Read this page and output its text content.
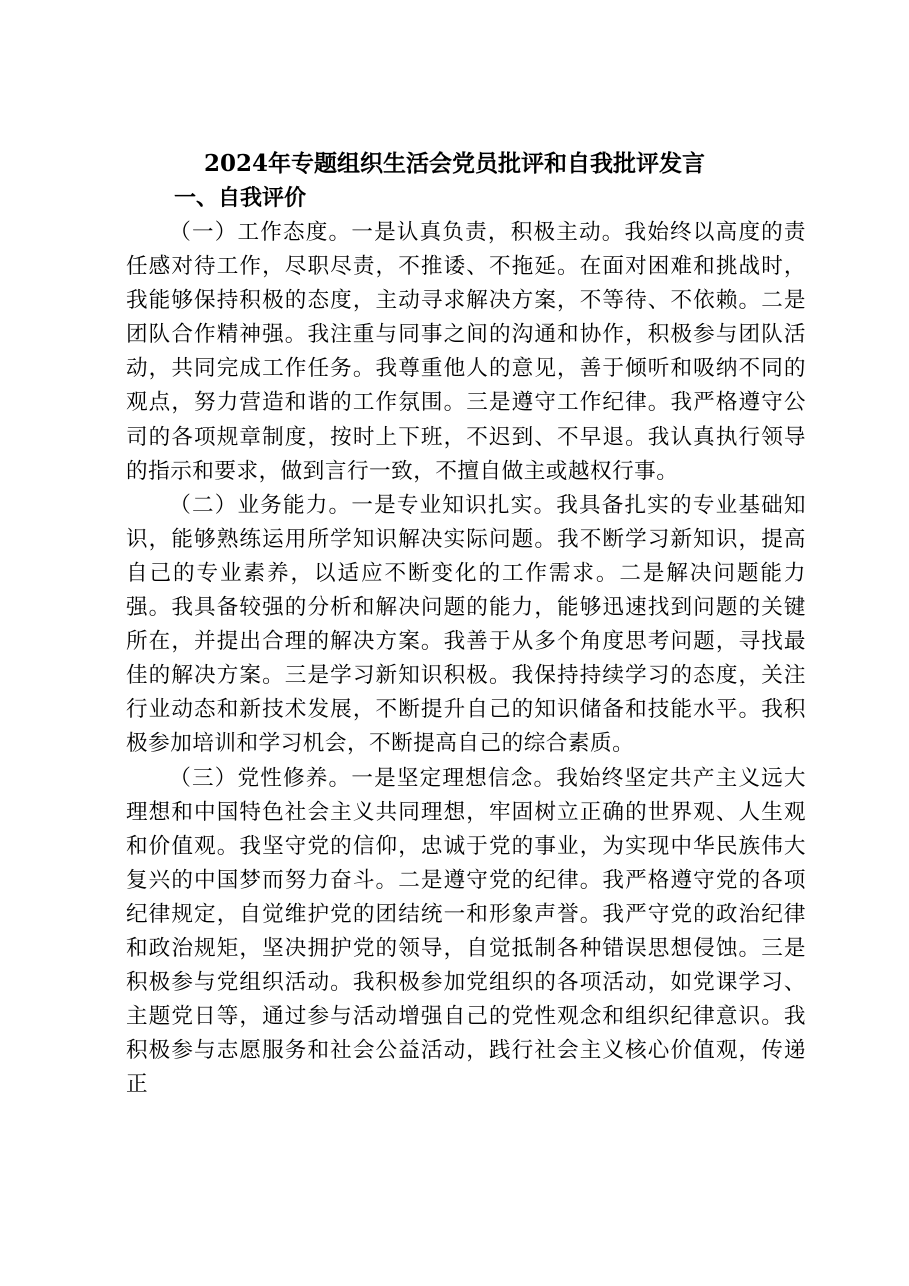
2024年专题组织生活会党员批评和自我批评发言
一、自我评价

（一）工作态度。一是认真负责，积极主动。我始终以高度的责任感对待工作，尽职尽责，不推诿、不拖延。在面对困难和挑战时，我能够保持积极的态度，主动寻求解决方案，不等待、不依赖。二是团队合作精神强。我注重与同事之间的沟通和协作，积极参与团队活动，共同完成工作任务。我尊重他人的意见，善于倾听和吸纳不同的观点，努力营造和谐的工作氛围。三是遵守工作纪律。我严格遵守公司的各项规章制度，按时上下班，不迟到、不早退。我认真执行领导的指示和要求，做到言行一致，不擅自做主或越权行事。

（二）业务能力。一是专业知识扎实。我具备扎实的专业基础知识，能够熟练运用所学知识解决实际问题。我不断学习新知识，提高自己的专业素养，以适应不断变化的工作需求。二是解决问题能力强。我具备较强的分析和解决问题的能力，能够迅速找到问题的关键所在，并提出合理的解决方案。我善于从多个角度思考问题，寻找最佳的解决方案。三是学习新知识积极。我保持持续学习的态度，关注行业动态和新技术发展，不断提升自己的知识储备和技能水平。我积极参加培训和学习机会，不断提高自己的综合素质。

（三）党性修养。一是坚定理想信念。我始终坚定共产主义远大理想和中国特色社会主义共同理想，牢固树立正确的世界观、人生观和价值观。我坚守党的信仰，忠诚于党的事业，为实现中华民族伟大复兴的中国梦而努力奋斗。二是遵守党的纪律。我严格遵守党的各项纪律规定，自觉维护党的团结统一和形象声誉。我严守党的政治纪律和政治规矩，坚决拥护党的领导，自觉抵制各种错误思想侵蚀。三是积极参与党组织活动。我积极参加党组织的各项活动，如党课学习、主题党日等，通过参与活动增强自己的党性观念和组织纪律意识。我积极参与志愿服务和社会公益活动，践行社会主义核心价值观，传递正
